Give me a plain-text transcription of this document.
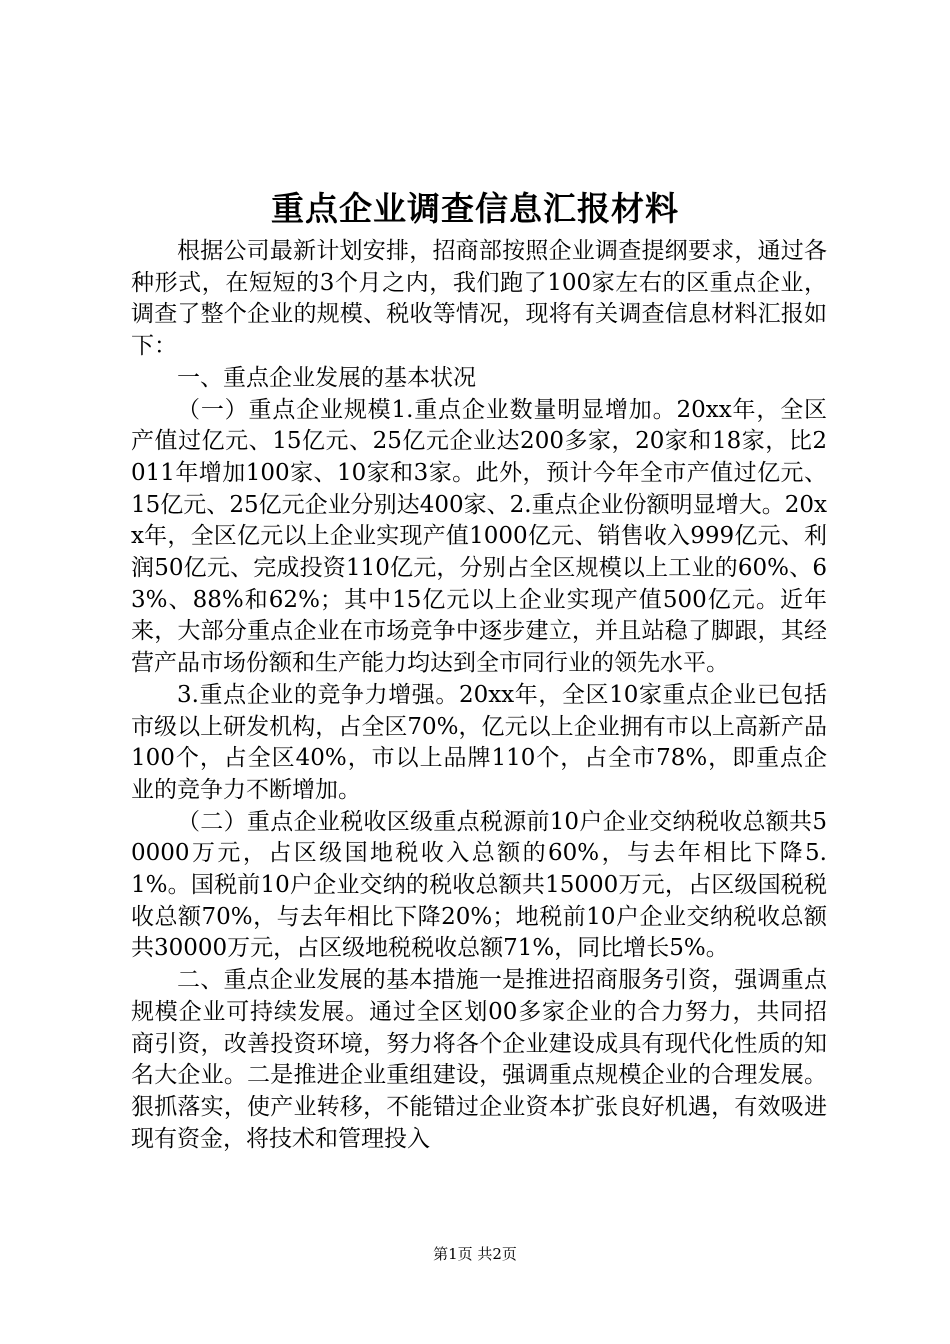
重点企业调查信息汇报材料

根据公司最新计划安排，招商部按照企业调查提纲要求，通过各种形式，在短短的3个月之内，我们跑了100家左右的区重点企业，调查了整个企业的规模、税收等情况，现将有关调查信息材料汇报如下：

一、重点企业发展的基本状况

（一）重点企业规模1.重点企业数量明显增加。20xx年，全区产值过亿元、15亿元、25亿元企业达200多家，20家和18家，比2011年增加100家、10家和3家。此外，预计今年全市产值过亿元、15亿元、25亿元企业分别达400家、2.重点企业份额明显增大。20xx年，全区亿元以上企业实现产值1000亿元、销售收入999亿元、利润50亿元、完成投资110亿元，分别占全区规模以上工业的60%、63%、88%和62%；其中15亿元以上企业实现产值500亿元。近年来，大部分重点企业在市场竞争中逐步建立，并且站稳了脚跟，其经营产品市场份额和生产能力均达到全市同行业的领先水平。

3.重点企业的竞争力增强。20xx年，全区10家重点企业已包括市级以上研发机构，占全区70%，亿元以上企业拥有市以上高新产品100个，占全区40%，市以上品牌110个，占全市78%，即重点企业的竞争力不断增加。

（二）重点企业税收区级重点税源前10户企业交纳税收总额共50000万元，占区级国地税收入总额的60%，与去年相比下降5.1%。国税前10户企业交纳的税收总额共15000万元，占区级国税税收总额70%，与去年相比下降20%；地税前10户企业交纳税收总额共30000万元，占区级地税税收总额71%，同比增长5%。

二、重点企业发展的基本措施一是推进招商服务引资，强调重点规模企业可持续发展。通过全区划00多家企业的合力努力，共同招商引资，改善投资环境，努力将各个企业建设成具有现代化性质的知名大企业。二是推进企业重组建设，强调重点规模企业的合理发展。狠抓落实，使产业转移，不能错过企业资本扩张良好机遇，有效吸进现有资金，将技术和管理投入

第1页 共2页
